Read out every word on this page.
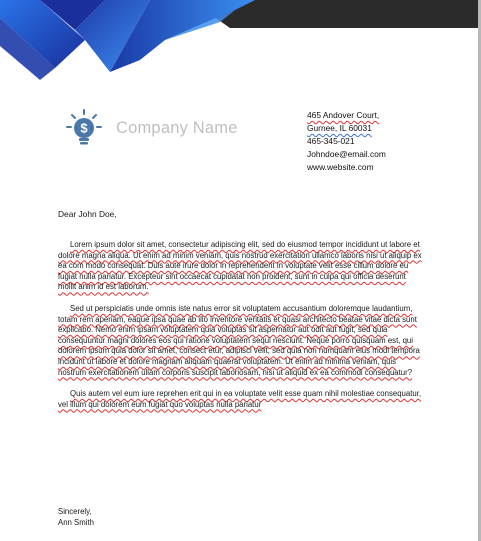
$ Company Name
465 Andover Court,
Gurnee, IL 60031
465-345-021
Johndoe@email.com
www.website.com
Dear John Doe,

Lorem ipsum dolor sit amet, consectetur adipiscing elit, sed do eiusmod tempor incididunt ut labore et dolore magna aliqua. Ut enim ad minim veniam, quis nostrud exercitation ullamco laboris nisi ut aliquip ex ea com modo consequat. Duis aute irure dolor in reprehenderit in voluptate velit esse cillum dolore eu fugiat nulla pariatur. Excepteur sint occaecat cupidatat non proident, sunt in culpa qui officia deserunt mollit anim id est laborum.

Sed ut perspiciatis unde omnis iste natus error sit voluptatem accusantium doloremque laudantium, totam rem aperiam, eaque ipsa quae ab illo inventore veritatis et quasi architecto beatae vitae dicta sunt explicabo. Nemo enim ipsam voluptatem quia voluptas sit aspernatur aut odit aut fugit, sed quia consequuntur magni dolores eos qui ratione voluptatem sequi nesciunt. Neque porro quisquam est, qui dolorem ipsum quia dolor sit amet, consect etur, adipisci velit, sed quia non numquam eius modi tempora incidunt ut labore et dolore magnam aliquam quaerat voluptatem. Ut enim ad minima veniam, quis nostrum exercitationem ullam corporis suscipit laboriosam, nisi ut aliquid ex ea commodi consequatur?

Quis autem vel eum iure reprehen erit qui in ea voluptate velit esse quam nihil molestiae consequatur, vel illum qui dolorem eum fugiat quo voluptas nulla pariatur

Sincerely,
Ann Smith
